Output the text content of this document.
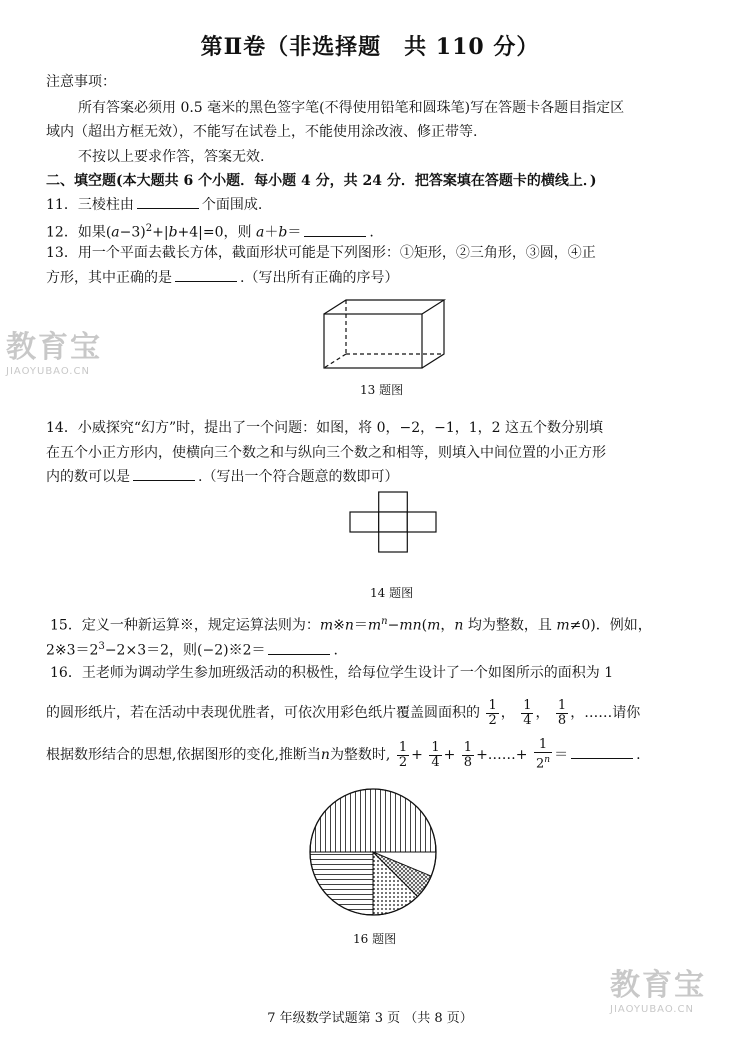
第Ⅱ卷（非选择题　共 110 分）
注意事项：
所有答案必须用 0.5 毫米的黑色签字笔(不得使用铅笔和圆珠笔)写在答题卡各题目指定区
域内（超出方框无效），不能写在试卷上，不能使用涂改液、修正带等.
不按以上要求作答，答案无效.
二、填空题(本大题共 6 个小题．每小题 4 分，共 24 分．把答案填在答题卡的横线上．)
11．三棱柱由	个面围成.
12．如果$(a-3)^2+|b+4|=0$，则 a＋b＝	.
13．用一个平面去截长方体，截面形状可能是下列图形：①矩形，②三角形，③圆，④正
方形，其中正确的是	.（写出所有正确的序号）
13 题图
14．小威探究“幻方”时，提出了一个问题：如图，将 0，−2，−1，1，2 这五个数分别填
在五个小正方形内，使横向三个数之和与纵向三个数之和相等，则填入中间位置的小正方形
内的数可以是	.（写出一个符合题意的数即可）
14 题图
15．定义一种新运算※，规定运算法则为：$m※n=m^n-mn(m$，n 均为整数，且 m≠0)．例如，
$2※3=2^3-2\times 3=2$，则(−2)※2＝	.
16．王老师为调动学生参加班级活动的积极性，给每位学生设计了一个如图所示的面积为 1
的圆形纸片，若在活动中表现优胜者，可依次用彩色纸片覆盖圆面积的 $\frac{1}{2}$ ， $\frac{1}{4}$ ， $\frac{1}{8}$ ，……请你
根据数形结合的思想,依据图形的变化,推断当n为整数时, $\frac{1}{2} + \frac{1}{4} + \frac{1}{8}$ +……+ $\frac{1}{2^n}$ ＝	.
16 题图
7 年级数学试题第 3 页 （共 8 页）
教育宝
JIAOYUBAO.CN
教育宝
JIAOYUBAO.CN
